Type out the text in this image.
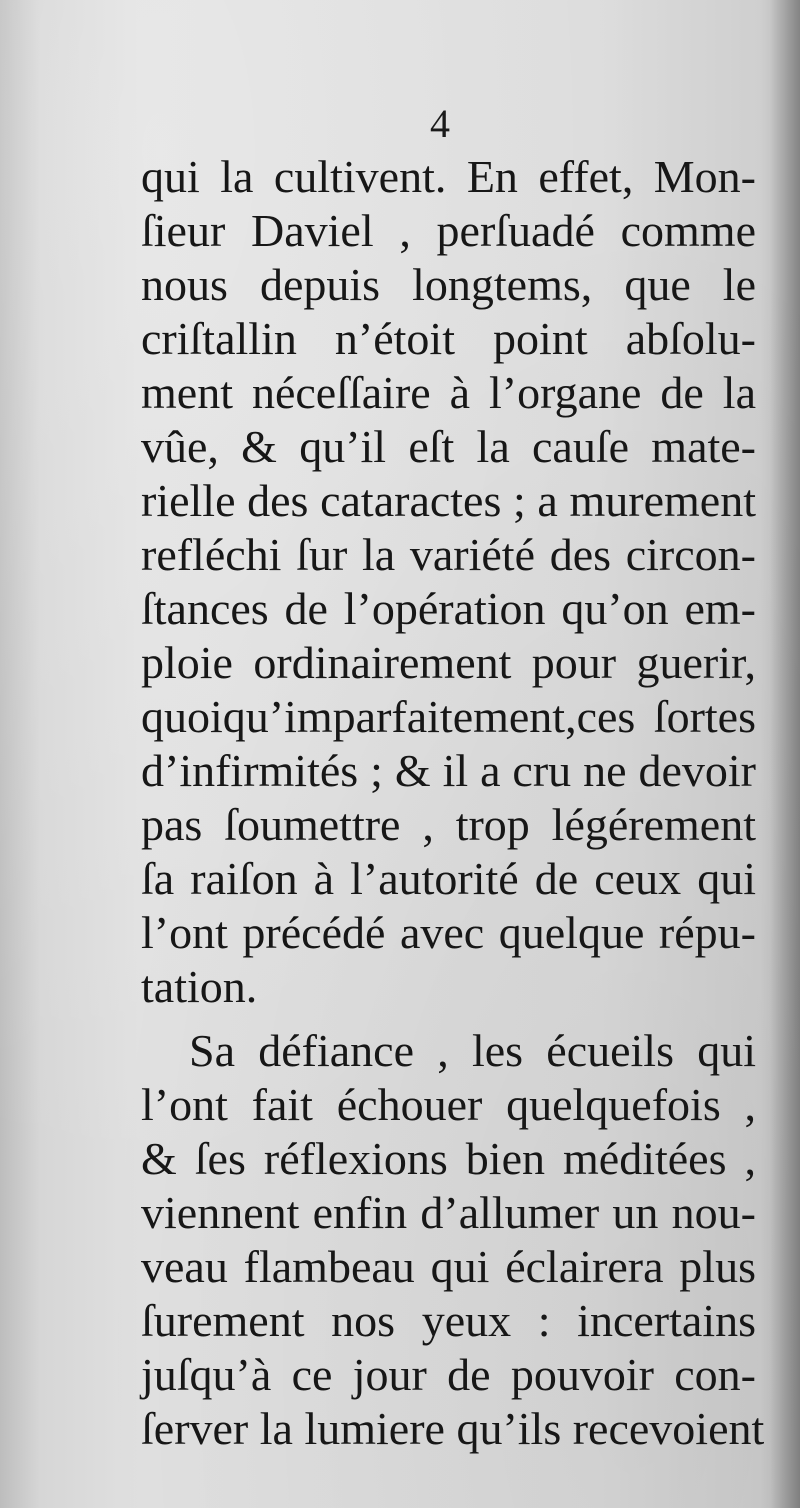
4
qui la cultivent. En effet, Mon-
ſieur Daviel , perſuadé comme
nous depuis longtems, que le
criſtallin n’étoit point abſolu-
ment néceſſaire à l’organe de la
vûe, & qu’il eſt la cauſe mate-
rielle des cataractes ; a murement
refléchi ſur la variété des circon-
ſtances de l’opération qu’on em-
ploie ordinairement pour guerir,
quoiqu’imparfaitement,ces ſortes
d’infirmités ; & il a cru ne devoir
pas ſoumettre , trop légérement
ſa raiſon à l’autorité de ceux qui
l’ont précédé avec quelque répu-
tation.
Sa défiance , les écueils qui
l’ont fait échouer quelquefois ,
& ſes réflexions bien méditées ,
viennent enfin d’allumer un nou-
veau flambeau qui éclairera plus
ſurement nos yeux : incertains
juſqu’à ce jour de pouvoir con-
ſerver la lumiere qu’ils recevoient
